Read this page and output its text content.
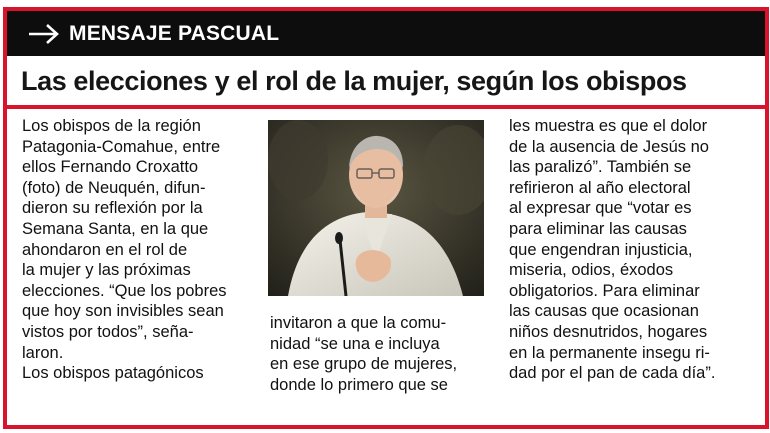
MENSAJE PASCUAL
Las elecciones y el rol de la mujer, según los obispos
Los obispos de la región
Patagonia-Comahue, entre
ellos Fernando Croxatto
(foto) de Neuquén, difun-
dieron su reflexión por la
Semana Santa, en la que
ahondaron en el rol de
la mujer y las próximas
elecciones. “Que los pobres
que hoy son invisibles sean
vistos por todos”, seña-
laron.
Los obispos patagónicos
invitaron a que la comu-
nidad “se una e incluya
en ese grupo de mujeres,
donde lo primero que se
les muestra es que el dolor
de la ausencia de Jesús no
las paralizó”. También se
refirieron al año electoral
al expresar que “votar es
para eliminar las causas
que engendran injusticia,
miseria, odios, éxodos
obligatorios. Para eliminar
las causas que ocasionan
niños desnutridos, hogares
en la permanente insegu ri-
dad por el pan de cada día”.
